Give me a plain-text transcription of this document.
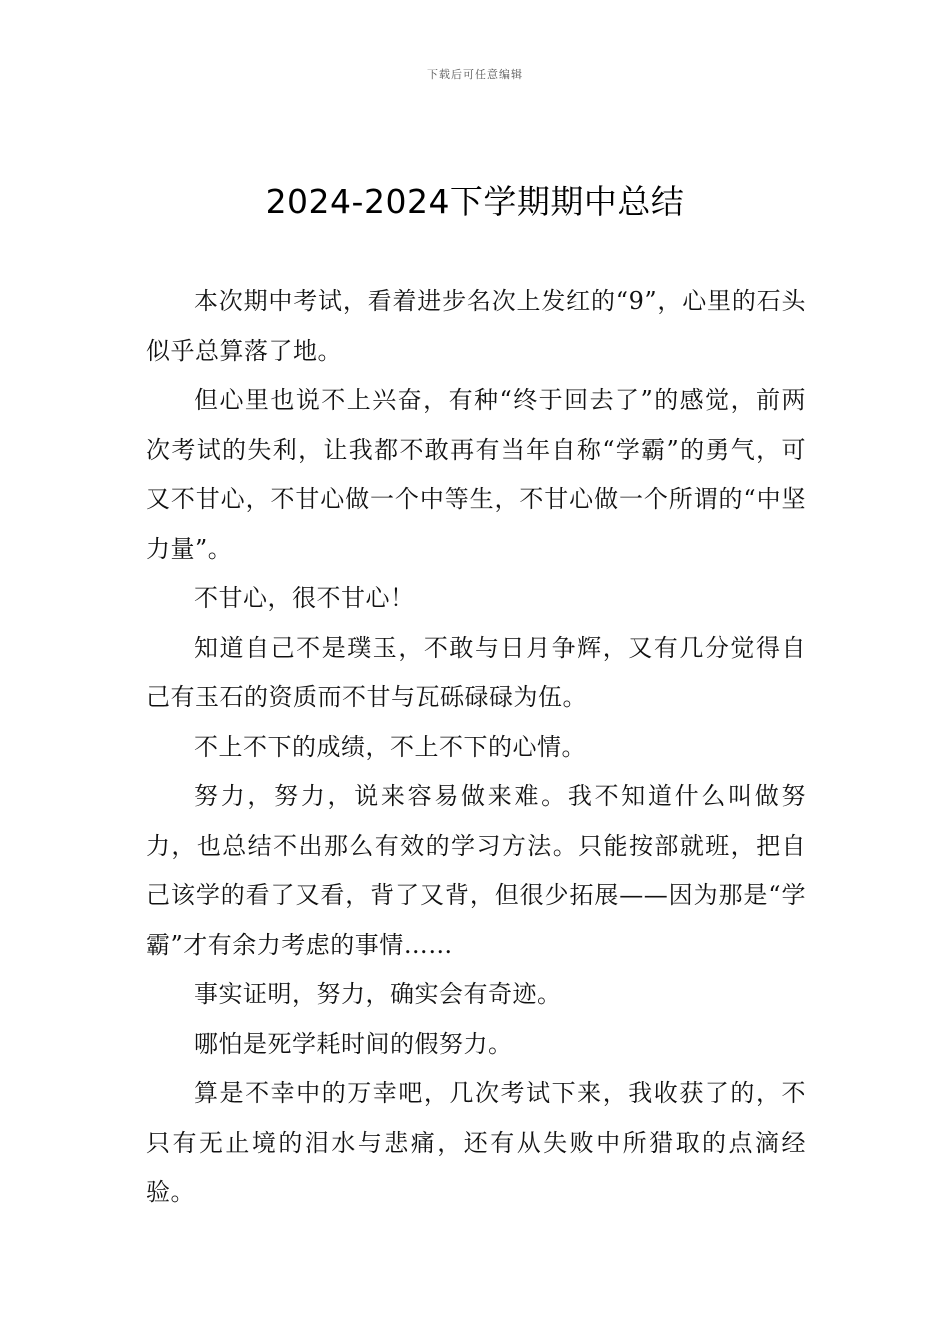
下载后可任意编辑
2024-2024下学期期中总结

本次期中考试，看着进步名次上发红的“9”，心里的石头似乎总算落了地。

但心里也说不上兴奋，有种“终于回去了”的感觉，前两次考试的失利，让我都不敢再有当年自称“学霸”的勇气，可又不甘心，不甘心做一个中等生，不甘心做一个所谓的“中坚力量”。

不甘心，很不甘心！

知道自己不是璞玉，不敢与日月争辉，又有几分觉得自己有玉石的资质而不甘与瓦砾碌碌为伍。

不上不下的成绩，不上不下的心情。

努力，努力，说来容易做来难。我不知道什么叫做努力，也总结不出那么有效的学习方法。只能按部就班，把自己该学的看了又看，背了又背，但很少拓展——因为那是“学霸”才有余力考虑的事情……

事实证明，努力，确实会有奇迹。

哪怕是死学耗时间的假努力。

算是不幸中的万幸吧，几次考试下来，我收获了的，不只有无止境的泪水与悲痛，还有从失败中所猎取的点滴经验。
